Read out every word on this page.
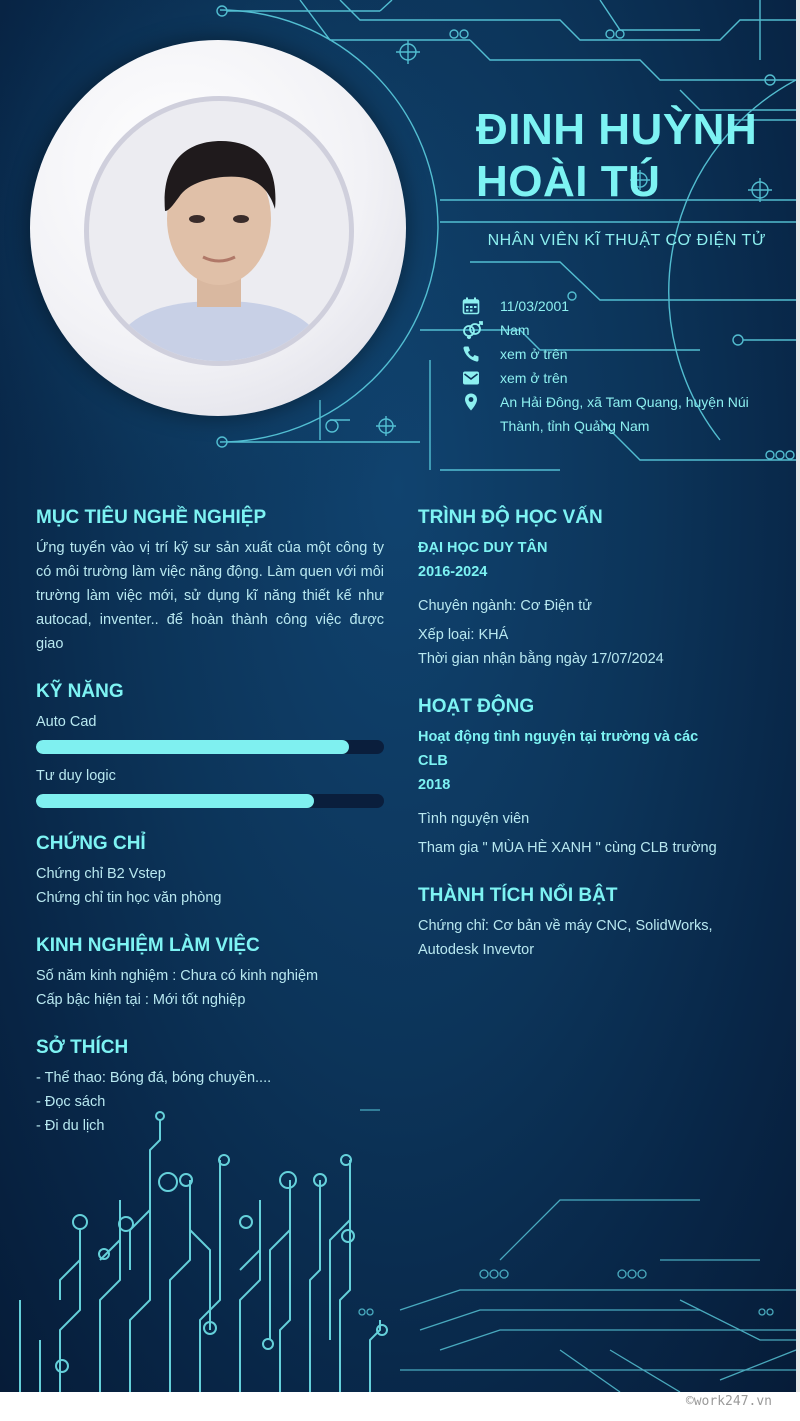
ĐINH HUỲNH
HOÀI TÚ
NHÂN VIÊN KĨ THUẬT CƠ ĐIỆN TỬ
11/03/2001
Nam
xem ở trên
xem ở trên
An Hải Đông, xã Tam Quang, huyện Núi Thành, tỉnh Quảng Nam
MỤC TIÊU NGHỀ NGHIỆP
Ứng tuyển vào vị trí kỹ sư sản xuất của một công ty có môi trường làm việc năng động. Làm quen với môi trường làm việc mới, sử dụng kĩ năng thiết kế như autocad, inventer.. để hoàn thành công việc được giao
KỸ NĂNG
Auto Cad
Tư duy logic
CHỨNG CHỈ
Chứng chỉ B2 Vstep
Chứng chỉ tin học văn phòng
KINH NGHIỆM LÀM VIỆC
Số năm kinh nghiệm : Chưa có kinh nghiệm
Cấp bậc hiện tại : Mới tốt nghiệp
SỞ THÍCH
- Thể thao: Bóng đá, bóng chuyền....
- Đọc sách
- Đi du lịch
TRÌNH ĐỘ HỌC VẤN
ĐẠI HỌC DUY TÂN
2016-2024
Chuyên ngành: Cơ Điện tử
Xếp loại: KHÁ
Thời gian nhận bằng ngày 17/07/2024
HOẠT ĐỘNG
Hoạt động tình nguyện tại trường và các CLB
2018
Tình nguyện viên
Tham gia " MÙA HÈ XANH " cùng CLB trường
THÀNH TÍCH NỔI BẬT
Chứng chỉ: Cơ bản về máy CNC, SolidWorks, Autodesk Invevtor
©work247.vn
